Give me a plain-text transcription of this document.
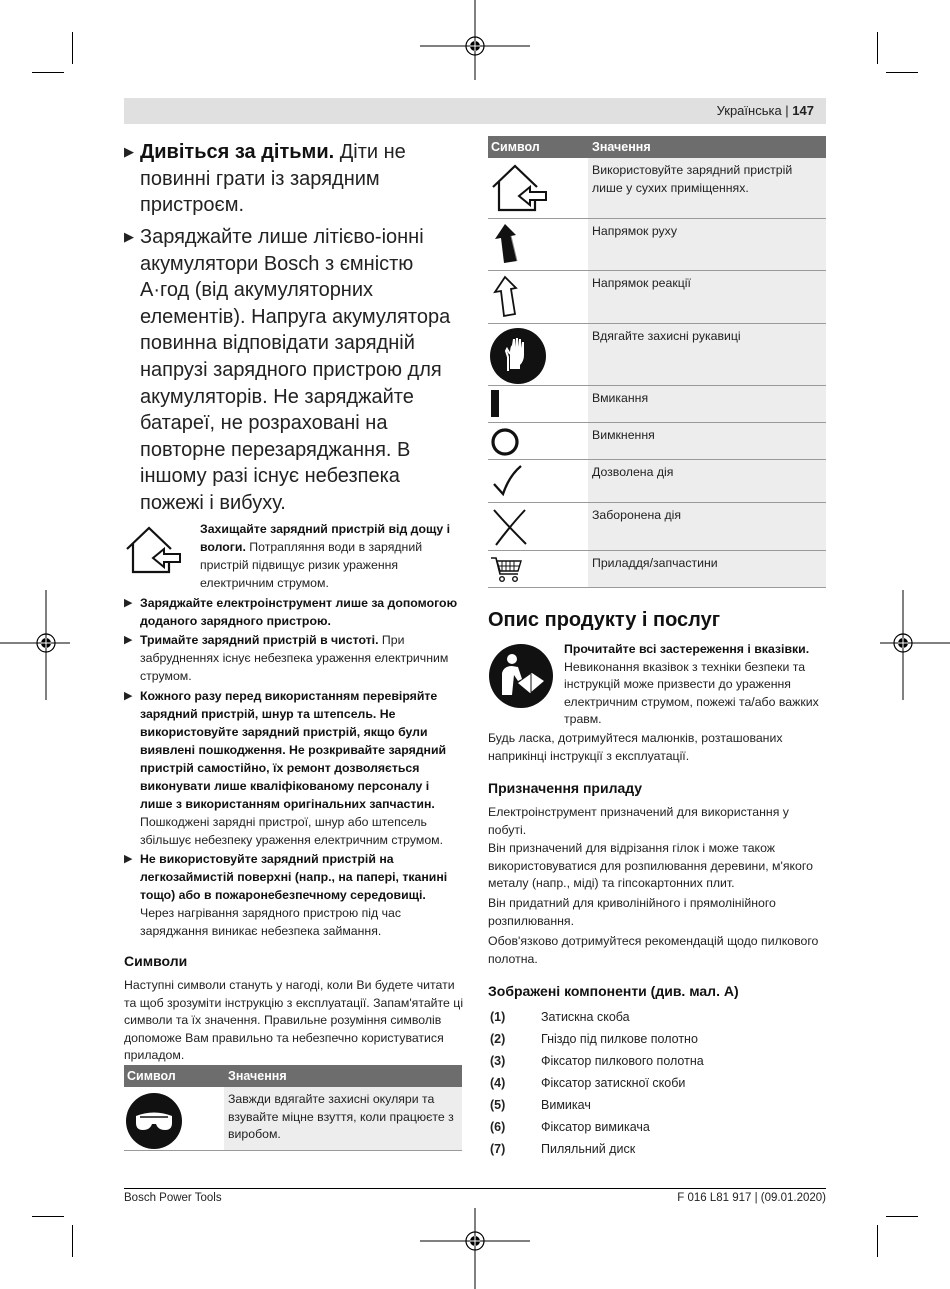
Українська | 147
▶ Дивіться за дітьми. Діти не повинні грати із зарядним пристроєм.
▶ Заряджайте лише літієво-іонні акумулятори Bosch з ємністю А·год (від акумуляторних елементів). Напруга акумулятора повинна відповідати зарядній напрузі зарядного пристрою для акумуляторів. Не заряджайте батареї, не розраховані на повторне перезаряджання. В іншому разі існує небезпека пожежі і вибуху.
Захищайте зарядний пристрій від дощу і вологи. Потрапляння води в зарядний пристрій підвищує ризик ураження електричним струмом.
▶ Заряджайте електроінструмент лише за допомогою доданого зарядного пристрою.
▶ Тримайте зарядний пристрій в чистоті. При забрудненнях існує небезпека ураження електричним струмом.
▶ Кожного разу перед використанням перевіряйте зарядний пристрій, шнур та штепсель. Не використовуйте зарядний пристрій, якщо були виявлені пошкодження. Не розкривайте зарядний пристрій самостійно, їх ремонт дозволяється виконувати лише кваліфікованому персоналу і лише з використанням оригінальних запчастин. Пошкоджені зарядні пристрої, шнур або штепсель збільшує небезпеку ураження електричним струмом.
▶ Не використовуйте зарядний пристрій на легкозаймистій поверхні (напр., на папері, тканині тощо) або в пожаронебезпечному середовищі. Через нагрівання зарядного пристрою під час заряджання виникає небезпека займання.
Символи
Наступні символи стануть у нагоді, коли Ви будете читати та щоб зрозуміти інструкцію з експлуатації. Запам'ятайте ці символи та їх значення. Правильне розуміння символів допоможе Вам правильно та небезпечно користуватися приладом.
Символ	Значення
Завжди вдягайте захисні окуляри та взувайте міцне взуття, коли працюєте з виробом.
Символ	Значення
Використовуйте зарядний пристрій лише у сухих приміщеннях.
Напрямок руху
Напрямок реакції
Вдягайте захисні рукавиці
Вмикання
Вимкнення
Дозволена дія
Заборонена дія
Приладдя/запчастини
Опис продукту і послуг
Прочитайте всі застереження і вказівки. Невиконання вказівок з техніки безпеки та інструкцій може призвести до ураження електричним струмом, пожежі та/або важких травм.
Будь ласка, дотримуйтеся малюнків, розташованих наприкінці інструкції з експлуатації.
Призначення приладу
Електроінструмент призначений для використання у побуті.
Він призначений для відрізання гілок і може також використовуватися для розпилювання деревини, м'якого металу (напр., міді) та гіпсокартонних плит.
Він придатний для криволінійного і прямолінійного розпилювання.
Обов'язково дотримуйтеся рекомендацій щодо пилкового полотна.
Зображені компоненти (див. мал. A)
(1)	Затискна скоба
(2)	Гніздо під пилкове полотно
(3)	Фіксатор пилкового полотна
(4)	Фіксатор затискної скоби
(5)	Вимикач
(6)	Фіксатор вимикача
(7)	Пиляльний диск
Bosch Power Tools	F 016 L81 917 | (09.01.2020)
